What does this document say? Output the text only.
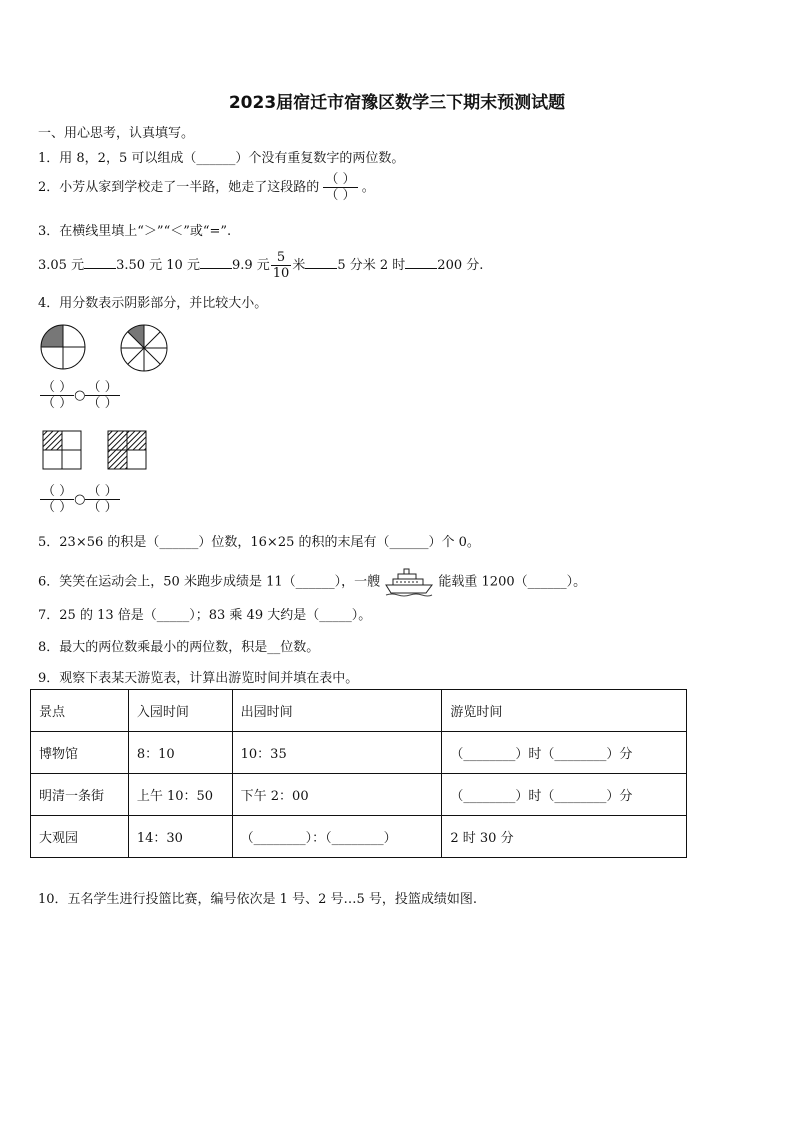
2023届宿迁市宿豫区数学三下期末预测试题
一、用心思考，认真填写。
1．用 8，2，5 可以组成（______）个没有重复数字的两位数。
2．小芳从家到学校走了一半路，她走了这段路的 $\frac{( )}{( )}$ 。
3．在横线里填上“＞”“＜”或“=”.
3.05 元 3.50 元 10 元 9.9 元 $\frac{5}{10}$ 米 5 分米 2 时 200 分.
4．用分数表示阴影部分，并比较大小。
$\frac{( )}{( )}$ ○ $\frac{( )}{( )}$
$\frac{( )}{( )}$ ○ $\frac{( )}{( )}$
5．23×56 的积是（______）位数，16×25 的积的末尾有（______）个 0。
6．笑笑在运动会上，50 米跑步成绩是 11（______），一艘	能载重 1200（______）。
7．25 的 13 倍是（_____）；83 乘 49 大约是（_____）。
8．最大的两位数乘最小的两位数，积是__位数。
9．观察下表某天游览表，计算出游览时间并填在表中。
景点	入园时间	出园时间	游览时间
博物馆	8：10	10：35	（________）时（________）分
明清一条街	上午 10：50	下午 2：00	（________）时（________）分
大观园	14：30	（________）：（________）	2 时 30 分
10．五名学生进行投篮比赛，编号依次是 1 号、2 号…5 号，投篮成绩如图.
